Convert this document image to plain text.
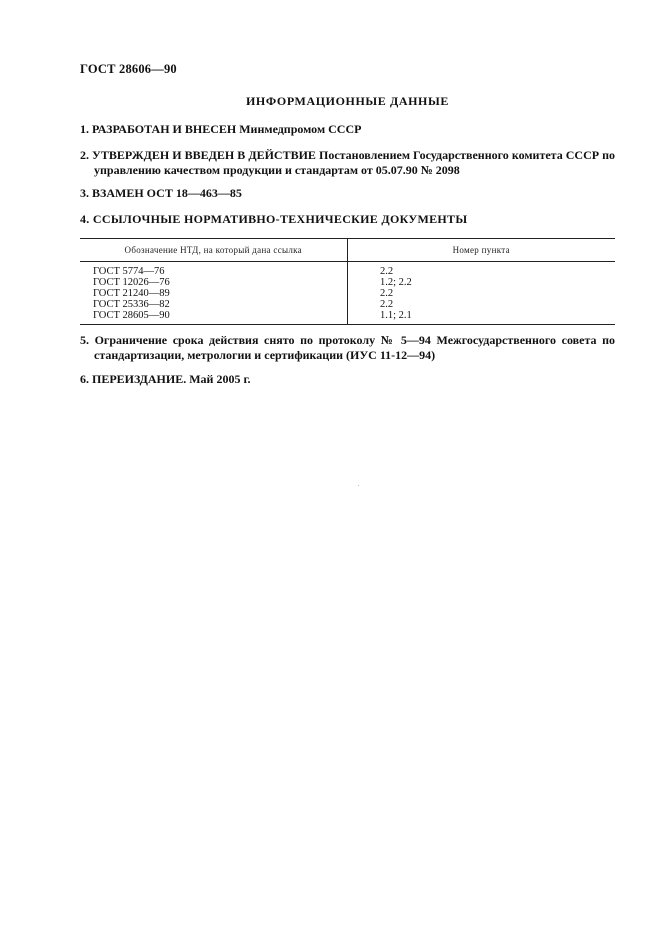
ГОСТ 28606—90
ИНФОРМАЦИОННЫЕ ДАННЫЕ
1. РАЗРАБОТАН И ВНЕСЕН Минмедпромом СССР
2. УТВЕРЖДЕН И ВВЕДЕН В ДЕЙСТВИЕ Постановлением Государственного комитета СССР по управлению качеством продукции и стандартам от 05.07.90 № 2098
3. ВЗАМЕН ОСТ 18—463—85
4. ССЫЛОЧНЫЕ НОРМАТИВНО-ТЕХНИЧЕСКИЕ ДОКУМЕНТЫ
Обозначение НТД, на который дана ссылка	Номер пункта
ГОСТ 5774—76
ГОСТ 12026—76
ГОСТ 21240—89
ГОСТ 25336—82
ГОСТ 28605—90
2.2
1.2; 2.2
2.2
2.2
1.1; 2.1
5. Ограничение срока действия снято по протоколу № 5—94 Межгосударственного совета по стандартизации, метрологии и сертификации (ИУС 11-12—94)
6. ПЕРЕИЗДАНИЕ. Май 2005 г.
